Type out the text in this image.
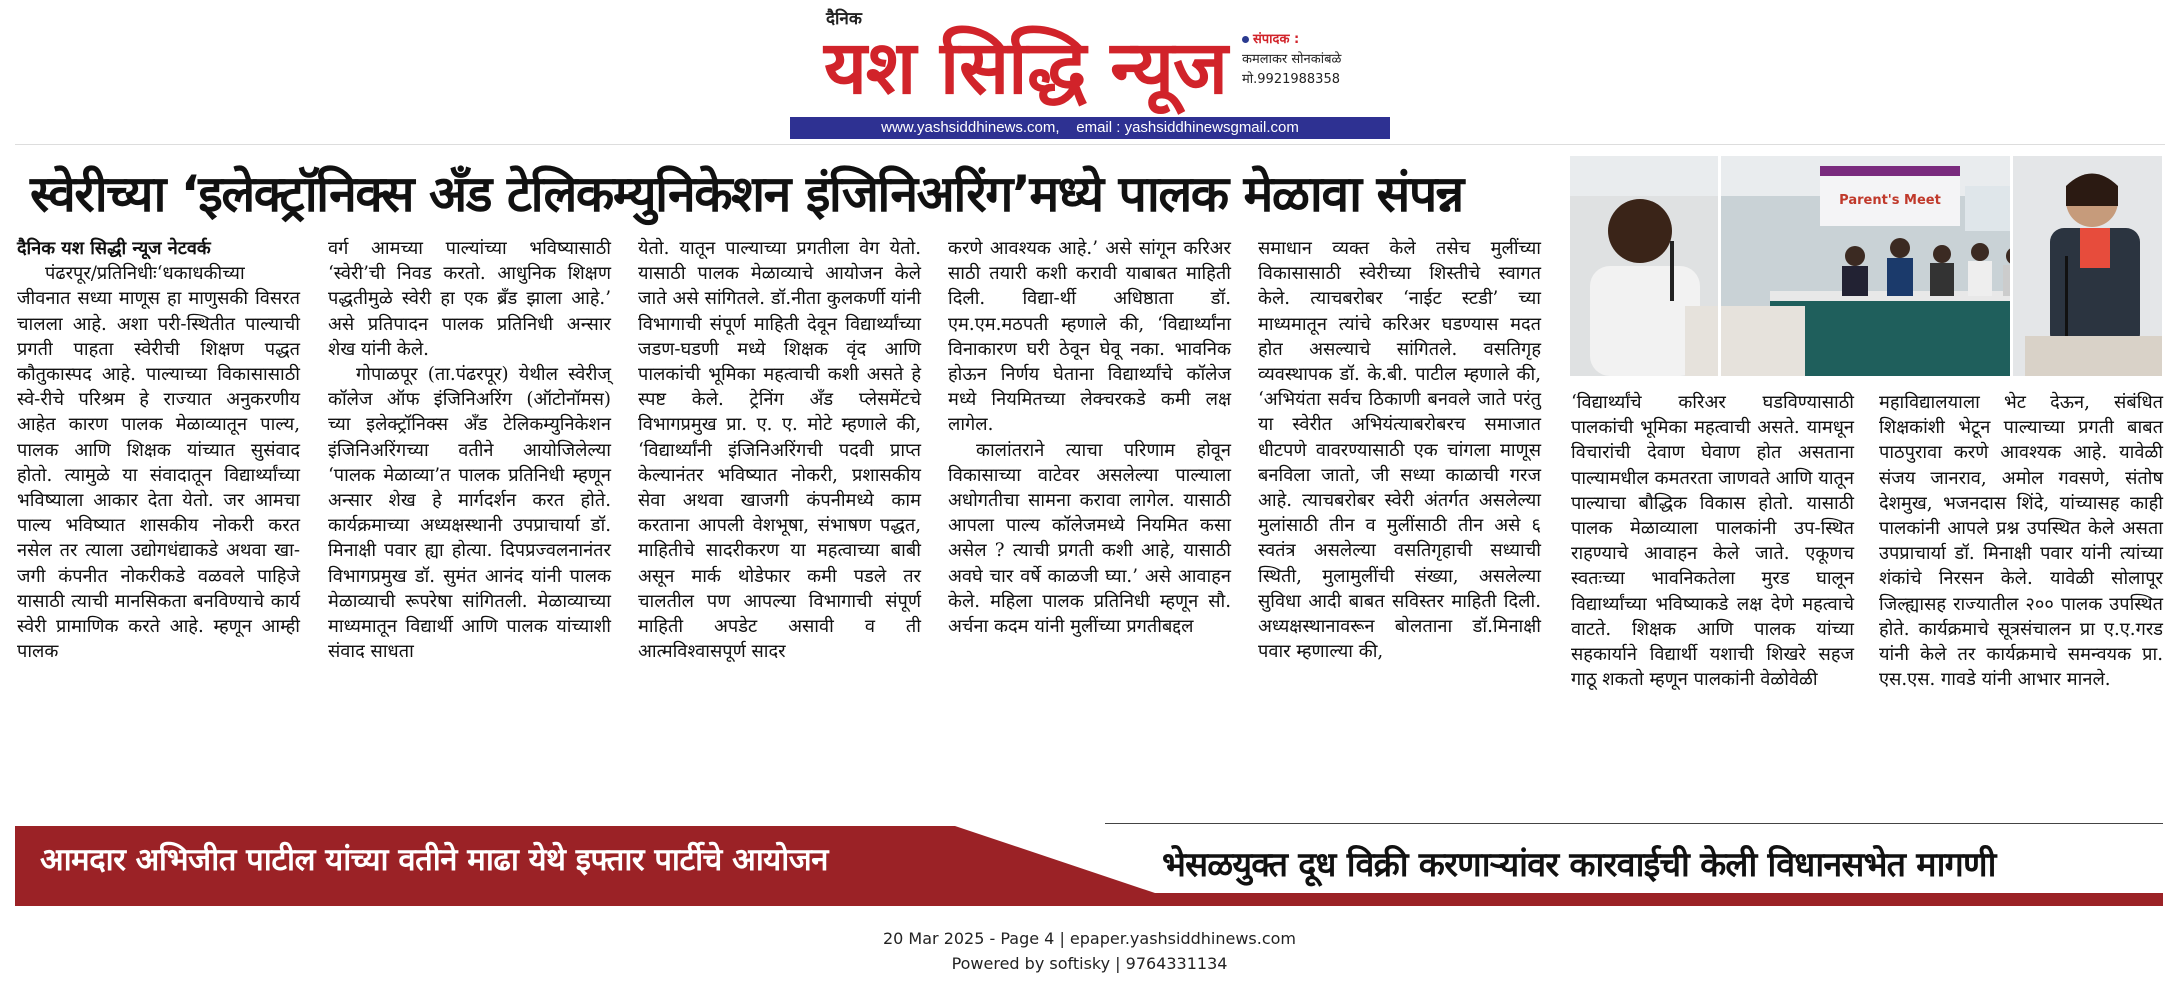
दैनिक
यश सिद्धि न्यूज	संपादक :
कमलाकर सोनकांबळे
मो.9921988358
www.yashsiddhinews.com,    email : yashsiddhinewsgmail.com
स्वेरीच्या ‘इलेक्ट्रॉनिक्स अँड टेलिकम्युनिकेशन इंजिनिअरिंग’मध्ये पालक मेळावा संपन्न

दैनिक यश सिद्धी न्यूज नेटवर्क

पंढरपूर/प्रतिनिधीः‘धकाधकीच्या जीवनात सध्या माणूस हा माणुसकी विसरत चालला आहे. अशा परी-स्थितीत पाल्याची प्रगती पाहता स्वेरीची शिक्षण पद्धत कौतुकास्पद आहे. पाल्याच्या विकासासाठी स्वे-रीचे परिश्रम हे राज्यात अनुकरणीय आहेत कारण पालक मेळाव्यातून पाल्य, पालक आणि शिक्षक यांच्यात सुसंवाद होतो. त्यामुळे या संवादातून विद्यार्थ्यांच्या भविष्याला आकार देता येतो. जर आमचा पाल्य भविष्यात शासकीय नोकरी करत नसेल तर त्याला उद्योगधंद्याकडे अथवा खा-जगी कंपनीत नोकरीकडे वळवले पाहिजे यासाठी त्याची मानसिकता बनविण्याचे कार्य स्वेरी प्रामाणिक करते आहे. म्हणून आम्ही पालक

वर्ग आमच्या पाल्यांच्या भविष्यासाठी ‘स्वेरी’ची निवड करतो. आधुनिक शिक्षण पद्धतीमुळे स्वेरी हा एक ब्रँड झाला आहे.’ असे प्रतिपादन पालक प्रतिनिधी अन्सार शेख यांनी केले.

गोपाळपूर (ता.पंढरपूर) येथील स्वेरीज् कॉलेज ऑफ इंजिनिअरिंग (ऑटोनॉमस) च्या इलेक्ट्रॉनिक्स अँड टेलिकम्युनिकेशन इंजिनिअरिंगच्या वतीने आयोजिलेल्या ‘पालक मेळाव्या’त पालक प्रतिनिधी म्हणून अन्सार शेख हे मार्गदर्शन करत होते. कार्यक्रमाच्या अध्यक्षस्थानी उपप्राचार्या डॉ. मिनाक्षी पवार ह्या होत्या. दिपप्रज्वलनानंतर विभागप्रमुख डॉ. सुमंत आनंद यांनी पालक मेळाव्याची रूपरेषा सांगितली. मेळाव्याच्या माध्यमातून विद्यार्थी आणि पालक यांच्याशी संवाद साधता

येतो. यातून पाल्याच्या प्रगतीला वेग येतो. यासाठी पालक मेळाव्याचे आयोजन केले जाते असे सांगितले. डॉ.नीता कुलकर्णी यांनी विभागाची संपूर्ण माहिती देवून विद्यार्थ्यांच्या जडण-घडणी मध्ये शिक्षक वृंद आणि पालकांची भूमिका महत्वाची कशी असते हे स्पष्ट केले. ट्रेनिंग अँड प्लेसमेंटचे विभागप्रमुख प्रा. ए. ए. मोटे म्हणाले की, ‘विद्यार्थ्यांनी इंजिनिअरिंगची पदवी प्राप्त केल्यानंतर भविष्यात नोकरी, प्रशासकीय सेवा अथवा खाजगी कंपनीमध्ये काम करताना आपली वेशभूषा, संभाषण पद्धत, माहितीचे सादरीकरण या महत्वाच्या बाबी असून मार्क थोडेफार कमी पडले तर चालतील पण आपल्या विभागाची संपूर्ण माहिती अपडेट असावी व ती आत्मविश्वासपूर्ण सादर

करणे आवश्यक आहे.’ असे सांगून करिअर साठी तयारी कशी करावी याबाबत माहिती दिली. विद्या-र्थी अधिष्ठाता डॉ. एम.एम.मठपती म्हणाले की, ‘विद्यार्थ्यांना विनाकारण घरी ठेवून घेवू नका. भावनिक होऊन निर्णय घेताना विद्यार्थ्यांचे कॉलेज मध्ये नियमितच्या लेक्चरकडे कमी लक्ष लागेल.

कालांतराने त्याचा परिणाम होवून विकासाच्या वाटेवर असलेल्या पाल्याला अधोगतीचा सामना करावा लागेल. यासाठी आपला पाल्य कॉलेजमध्ये नियमित कसा असेल ? त्याची प्रगती कशी आहे, यासाठी अवघे चार वर्षे काळजी घ्या.’ असे आवाहन केले. महिला पालक प्रतिनिधी म्हणून सौ. अर्चना कदम यांनी मुलींच्या प्रगतीबद्दल

समाधान व्यक्त केले तसेच मुलींच्या विकासासाठी स्वेरीच्या शिस्तीचे स्वागत केले. त्याचबरोबर ‘नाईट स्टडी’ च्या माध्यमातून त्यांचे करिअर घडण्यास मदत होत असल्याचे सांगितले. वसतिगृह व्यवस्थापक डॉ. के.बी. पाटील म्हणाले की, ‘अभियंता सर्वच ठिकाणी बनवले जाते परंतु या स्वेरीत अभियंत्याबरोबरच समाजात धीटपणे वावरण्यासाठी एक चांगला माणूस बनविला जातो, जी सध्या काळाची गरज आहे. त्याचबरोबर स्वेरी अंतर्गत असलेल्या मुलांसाठी तीन व मुलींसाठी तीन असे ६ स्वतंत्र असलेल्या वसतिगृहाची सध्याची स्थिती, मुलामुलींची संख्या, असलेल्या सुविधा आदी बाबत सविस्तर माहिती दिली. अध्यक्षस्थानावरून बोलताना डॉ.मिनाक्षी पवार म्हणाल्या की,

Parent's Meet

‘विद्यार्थ्यांचे करिअर घडविण्यासाठी पालकांची भूमिका महत्वाची असते. यामधून विचारांची देवाण घेवाण होत असताना पाल्यामधील कमतरता जाणवते आणि यातून पाल्याचा बौद्धिक विकास होतो. यासाठी पालक मेळाव्याला पालकांनी उप-स्थित राहण्याचे आवाहन केले जाते. एकूणच स्वतःच्या भावनिकतेला मुरड घालून विद्यार्थ्यांच्या भविष्याकडे लक्ष देणे महत्वाचे वाटते. शिक्षक आणि पालक यांच्या सहकार्याने विद्यार्थी यशाची शिखरे सहज गाठू शकतो म्हणून पालकांनी वेळोवेळी

महाविद्यालयाला भेट देऊन, संबंधित शिक्षकांशी भेटून पाल्याच्या प्रगती बाबत पाठपुरावा करणे आवश्यक आहे. यावेळी संजय जानराव, अमोल गवसणे, संतोष देशमुख, भजनदास शिंदे, यांच्यासह काही पालकांनी आपले प्रश्न उपस्थित केले असता उपप्राचार्या डॉ. मिनाक्षी पवार यांनी त्यांच्या शंकांचे निरसन केले. यावेळी सोलापूर जिल्ह्यासह राज्यातील २०० पालक उपस्थित होते. कार्यक्रमाचे सूत्रसंचालन प्रा ए.ए.गरड यांनी केले तर कार्यक्रमाचे समन्वयक प्रा. एस.एस. गावडे यांनी आभार मानले.

आमदार अभिजीत पाटील यांच्या वतीने माढा येथे इफ्तार पार्टीचे आयोजन	भेसळयुक्त दूध विक्री करणाऱ्यांवर कारवाईची केली विधानसभेत मागणी
20 Mar 2025 - Page 4 | epaper.yashsiddhinews.com
Powered by softisky | 9764331134
